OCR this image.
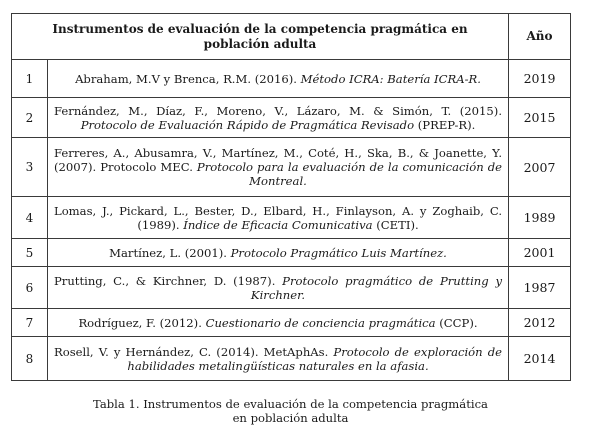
Instrumentos de evaluación de la competencia pragmática en población adulta		Año
1	Abraham, M.V y Brenca, R.M. (2016). Método ICRA: Batería ICRA-R.	2019
2	Fernández, M., Díaz, F., Moreno, V., Lázaro, M. & Simón, T. (2015). Protocolo de Evaluación Rápido de Pragmática Revisado (PREP-R).	2015
3	Ferreres, A., Abusamra, V., Martínez, M., Coté, H., Ska, B., & Joanette, Y. (2007). Protocolo MEC. Protocolo para la evaluación de la comunicación de Montreal.	2007
4	Lomas, J., Pickard, L., Bester, D., Elbard, H., Finlayson, A. y Zoghaib, C. (1989). Índice de Eficacia Comunicativa (CETI).	1989
5	Martínez, L. (2001). Protocolo Pragmático Luis Martínez.	2001
6	Prutting, C., & Kirchner, D. (1987). Protocolo pragmático de Prutting y Kirchner.	1987
7	Rodríguez, F. (2012). Cuestionario de conciencia pragmática (CCP).	2012
8	Rosell, V. y Hernández, C. (2014). MetAphAs. Protocolo de exploración de habilidades metalingüísticas naturales en la afasia.	2014
Tabla 1. Instrumentos de evaluación de la competencia pragmática
en población adulta
